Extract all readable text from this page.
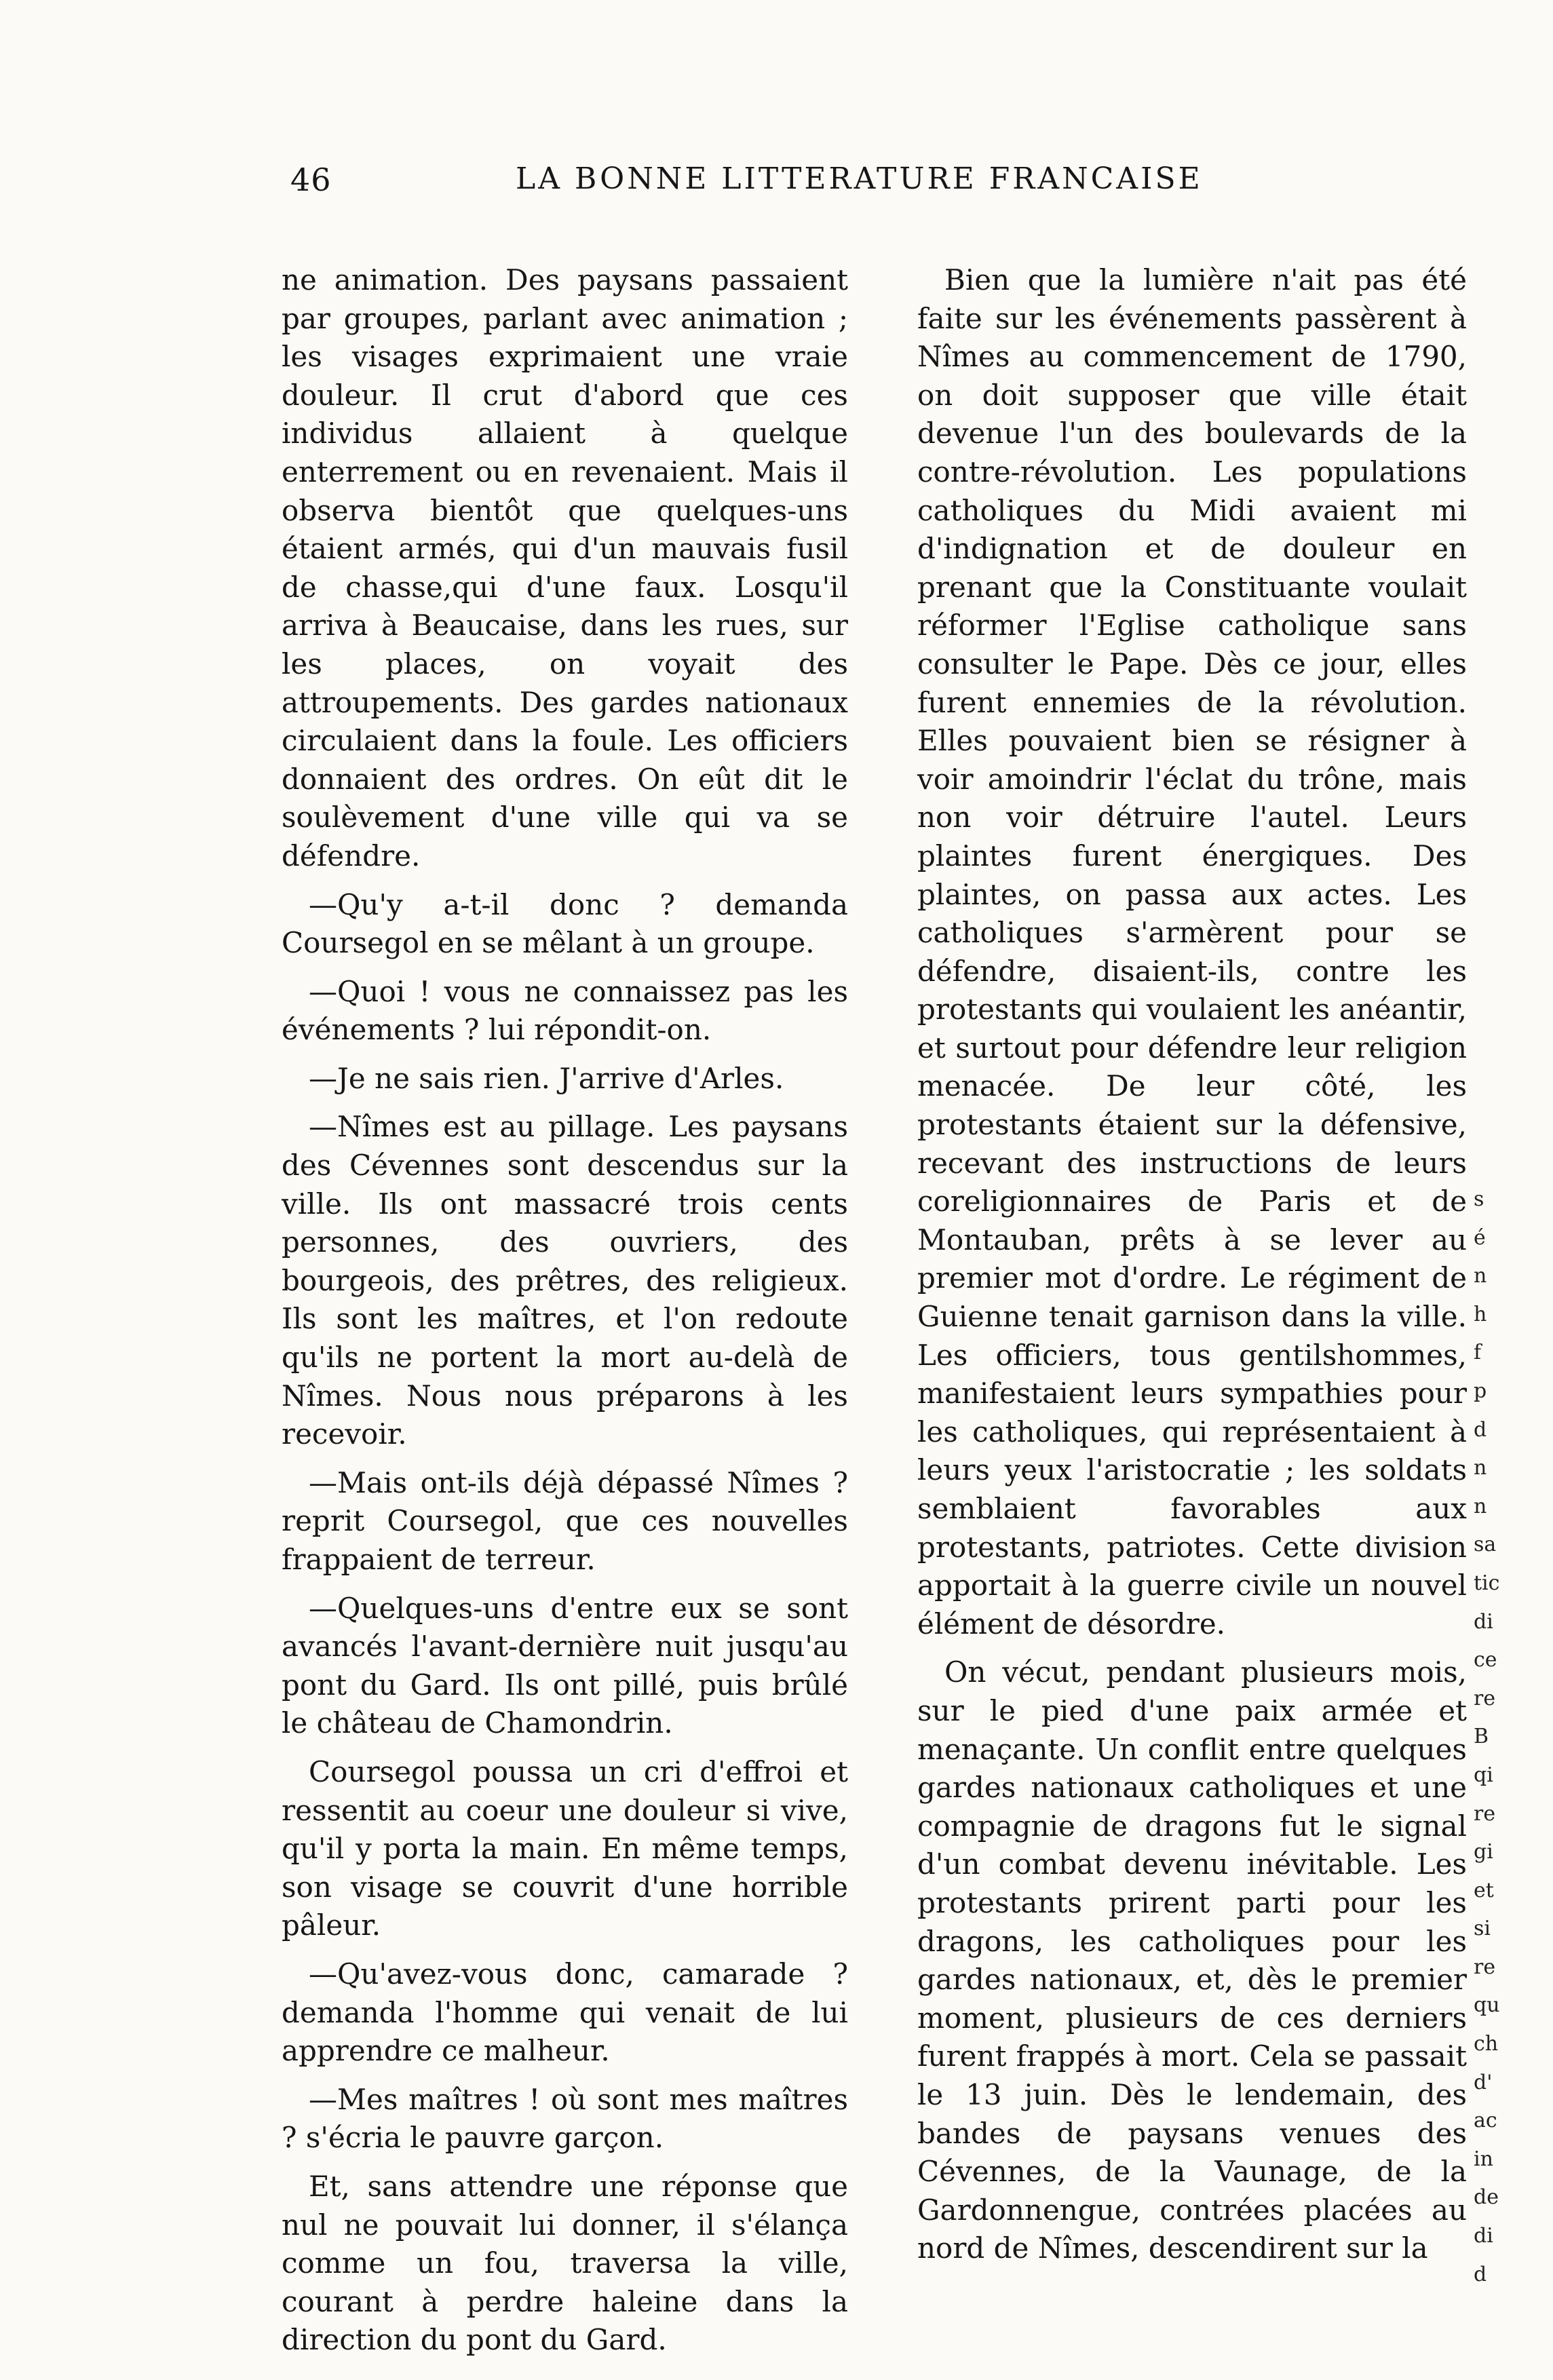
46	LA BONNE LITTERATURE FRANCAISE

ne animation. Des paysans passaient par groupes, parlant avec animation ; les visages exprimaient une vraie douleur. Il crut d'abord que ces individus allaient à quelque enterrement ou en revenaient. Mais il observa bientôt que quelques-uns étaient armés, qui d'un mauvais fusil de chasse,qui d'une faux. Losqu'il arriva à Beaucaise, dans les rues, sur les places, on voyait des attroupements. Des gardes nationaux circulaient dans la foule. Les officiers donnaient des ordres. On eût dit le soulèvement d'une ville qui va se défendre.

—Qu'y a-t-il donc ? demanda Coursegol en se mêlant à un groupe.

—Quoi ! vous ne connaissez pas les événements ? lui répondit-on.

—Je ne sais rien. J'arrive d'Arles.

—Nîmes est au pillage. Les paysans des Cévennes sont descendus sur la ville. Ils ont massacré trois cents personnes, des ouvriers, des bourgeois, des prêtres, des religieux. Ils sont les maîtres, et l'on redoute qu'ils ne portent la mort au-delà de Nîmes. Nous nous préparons à les recevoir.

—Mais ont-ils déjà dépassé Nîmes ? reprit Coursegol, que ces nouvelles frappaient de terreur.

—Quelques-uns d'entre eux se sont avancés l'avant-dernière nuit jusqu'au pont du Gard. Ils ont pillé, puis brûlé le château de Chamondrin.

Coursegol poussa un cri d'effroi et ressentit au coeur une douleur si vive, qu'il y porta la main. En même temps, son visage se couvrit d'une horrible pâleur.

—Qu'avez-vous donc, camarade ? demanda l'homme qui venait de lui apprendre ce malheur.

—Mes maîtres ! où sont mes maîtres ? s'écria le pauvre garçon.

Et, sans attendre une réponse que nul ne pouvait lui donner, il s'élança comme un fou, traversa la ville, courant à perdre haleine dans la direction du pont du Gard.

Bien que la lumière n'ait pas été faite sur les événements passèrent à Nîmes au commencement de 1790, on doit supposer que ville était devenue l'un des boulevards de la contre-révolution. Les populations catholiques du Midi avaient mi d'indignation et de douleur en prenant que la Constituante voulait réformer l'Eglise catholique sans consulter le Pape. Dès ce jour, elles furent ennemies de la révolution. Elles pouvaient bien se résigner à voir amoindrir l'éclat du trône, mais non voir détruire l'autel. Leurs plaintes furent énergiques. Des plaintes, on passa aux actes. Les catholiques s'armèrent pour se défendre, disaient-ils, contre les protestants qui voulaient les anéantir, et surtout pour défendre leur religion menacée. De leur côté, les protestants étaient sur la défensive, recevant des instructions de leurs coreligionnaires de Paris et de Montauban, prêts à se lever au premier mot d'ordre. Le régiment de Guienne tenait garnison dans la ville. Les officiers, tous gentilshommes, manifestaient leurs sympathies pour les catholiques, qui représentaient à leurs yeux l'aristocratie ; les soldats semblaient favorables aux protestants, patriotes. Cette division apportait à la guerre civile un nouvel élément de désordre.

On vécut, pendant plusieurs mois, sur le pied d'une paix armée et menaçante. Un conflit entre quelques gardes nationaux catholiques et une compagnie de dragons fut le signal d'un combat devenu inévitable. Les protestants prirent parti pour les dragons, les catholiques pour les gardes nationaux, et, dès le premier moment, plusieurs de ces derniers furent frappés à mort. Cela se passait le 13 juin. Dès le lendemain, des bandes de paysans venues des Cévennes, de la Vaunage, de la Gardonnengue, contrées placées au nord de Nîmes, descendirent sur la

s
é
n
h
f
p
d
n
n
sa
tic
di
ce
re
B
qi
re
gi
et
si
re
qu
ch
d'
ac
in
de
di
d
